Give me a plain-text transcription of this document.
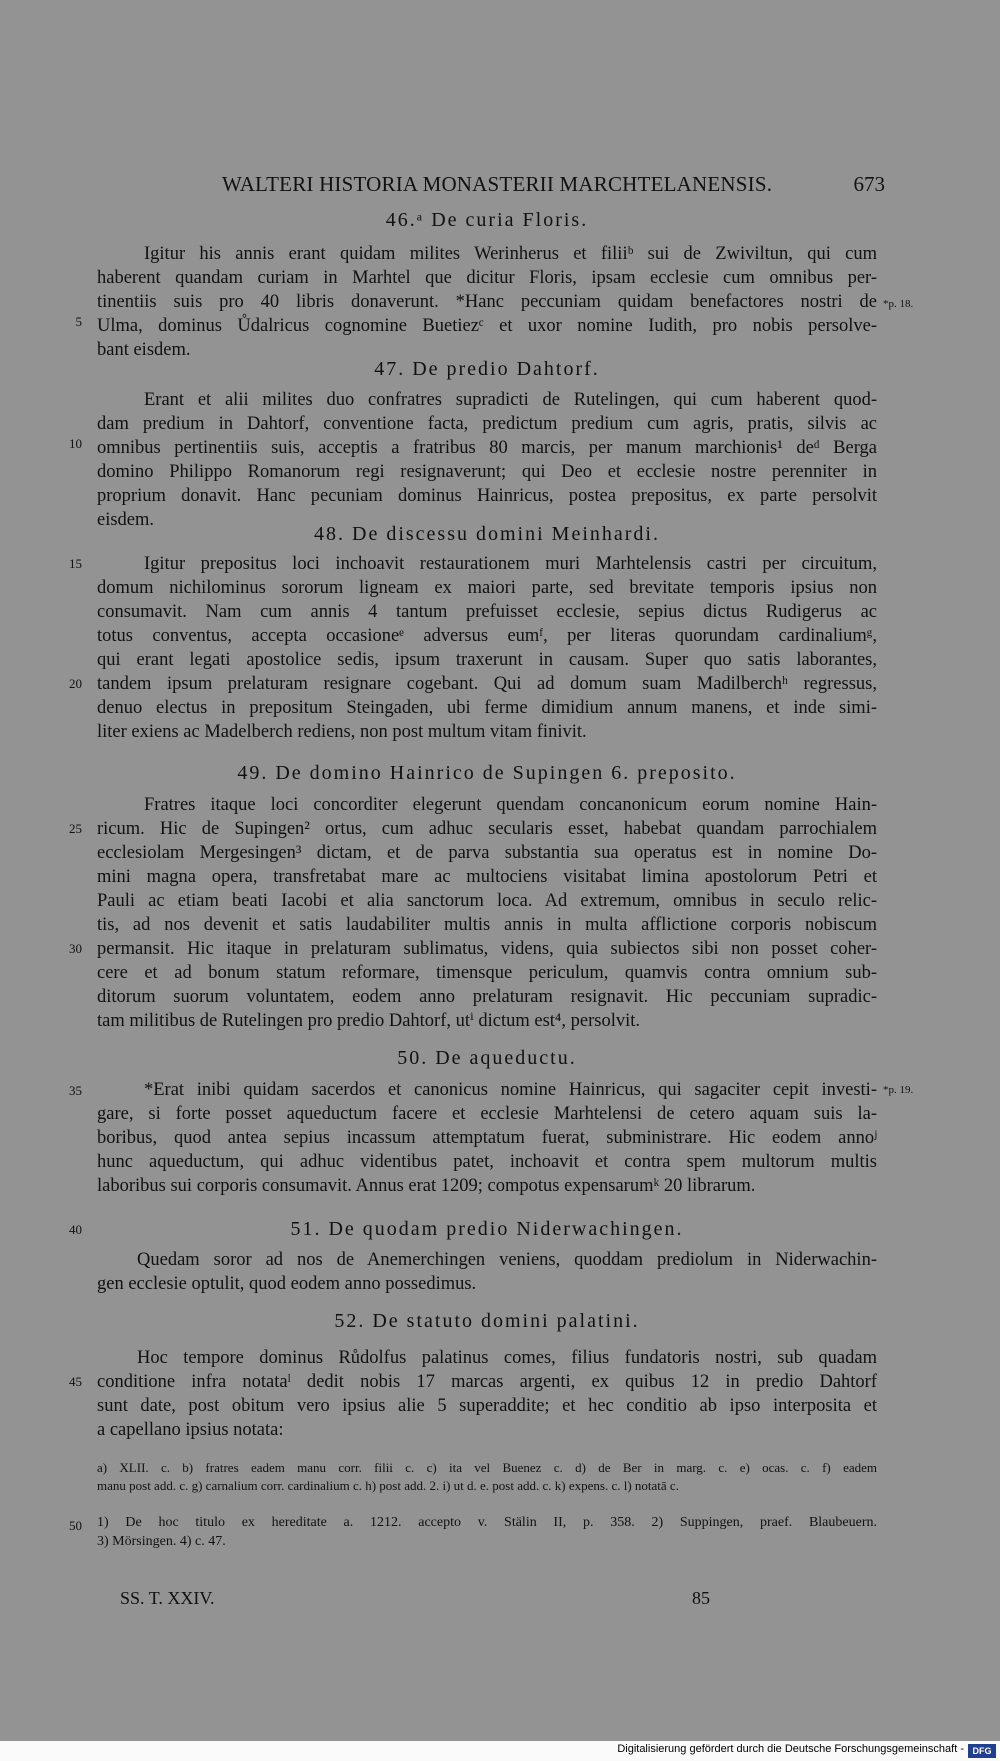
WALTERI HISTORIA MONASTERII MARCHTELANENSIS.	673
46.ᵃ De curia Floris.
Igitur his annis erant quidam milites Werinherus et filiiᵇ sui de Zwiviltun, qui cum
haberent quandam curiam in Marhtel que dicitur Floris, ipsam ecclesie cum omnibus per-
tinentiis suis pro 40 libris donaverunt. *Hanc peccuniam quidam benefactores nostri de
Ulma, dominus Ůdalricus cognomine Buetiezᶜ et uxor nomine Iudith, pro nobis persolve-
bant eisdem.
47. De predio Dahtorf.
Erant et alii milites duo confratres supradicti de Rutelingen, qui cum haberent quod-
dam predium in Dahtorf, conventione facta, predictum predium cum agris, pratis, silvis ac
omnibus pertinentiis suis, acceptis a fratribus 80 marcis, per manum marchionis¹ deᵈ Berga
domino Philippo Romanorum regi resignaverunt; qui Deo et ecclesie nostre perenniter in
proprium donavit. Hanc pecuniam dominus Hainricus, postea prepositus, ex parte persolvit
eisdem.
48. De discessu domini Meinhardi.
Igitur prepositus loci inchoavit restaurationem muri Marhtelensis castri per circuitum,
domum nichilominus sororum ligneam ex maiori parte, sed brevitate temporis ipsius non
consumavit. Nam cum annis 4 tantum prefuisset ecclesie, sepius dictus Rudigerus ac
totus conventus, accepta occasioneᵉ adversus eumᶠ, per literas quorundam cardinaliumᵍ,
qui erant legati apostolice sedis, ipsum traxerunt in causam. Super quo satis laborantes,
tandem ipsum prelaturam resignare cogebant. Qui ad domum suam Madilberchʰ regressus,
denuo electus in prepositum Steingaden, ubi ferme dimidium annum manens, et inde simi-
liter exiens ac Madelberch rediens, non post multum vitam finivit.
49. De domino Hainrico de Supingen 6. preposito.
Fratres itaque loci concorditer elegerunt quendam concanonicum eorum nomine Hain-
ricum. Hic de Supingen² ortus, cum adhuc secularis esset, habebat quandam parrochialem
ecclesiolam Mergesingen³ dictam, et de parva substantia sua operatus est in nomine Do-
mini magna opera, transfretabat mare ac multociens visitabat limina apostolorum Petri et
Pauli ac etiam beati Iacobi et alia sanctorum loca. Ad extremum, omnibus in seculo relic-
tis, ad nos devenit et satis laudabiliter multis annis in multa afflictione corporis nobiscum
permansit. Hic itaque in prelaturam sublimatus, videns, quia subiectos sibi non posset coher-
cere et ad bonum statum reformare, timensque periculum, quamvis contra omnium sub-
ditorum suorum voluntatem, eodem anno prelaturam resignavit. Hic peccuniam supradic-
tam militibus de Rutelingen pro predio Dahtorf, utⁱ dictum est⁴, persolvit.
50. De aqueductu.
*Erat inibi quidam sacerdos et canonicus nomine Hainricus, qui sagaciter cepit investi-
gare, si forte posset aqueductum facere et ecclesie Marhtelensi de cetero aquam suis la-
boribus, quod antea sepius incassum attemptatum fuerat, subministrare. Hic eodem annoʲ
hunc aqueductum, qui adhuc videntibus patet, inchoavit et contra spem multorum multis
laboribus sui corporis consumavit. Annus erat 1209; compotus expensarumᵏ 20 librarum.
51. De quodam predio Niderwachingen.
Quedam soror ad nos de Anemerchingen veniens, quoddam prediolum in Niderwachin-
gen ecclesie optulit, quod eodem anno possedimus.
52. De statuto domini palatini.
Hoc tempore dominus Růdolfus palatinus comes, filius fundatoris nostri, sub quadam
conditione infra notataˡ dedit nobis 17 marcas argenti, ex quibus 12 in predio Dahtorf
sunt date, post obitum vero ipsius alie 5 superaddite; et hec conditio ab ipso interposita et
a capellano ipsius notata:
5
10
15
20
25
30
35
40
45
50
*p. 18.
*p. 19.
a) XLII. c. b) fratres eadem manu corr. filii c. c) ita vel Buenez c. d) de Ber in marg. c. e) ocas. c. f) eadem
manu post add. c. g) carnalium corr. cardinalium c. h) post add. 2. i) ut d. e. post add. c. k) expens. c. l) notatā c.
1) De hoc titulo ex hereditate a. 1212. accepto v. Stälin II, p. 358. 2) Suppingen, praef. Blaubeuern.
3) Mörsingen. 4) c. 47.
SS. T. XXIV.	85
Digitalisierung gefördert durch die Deutsche Forschungsgemeinschaft - DFG
